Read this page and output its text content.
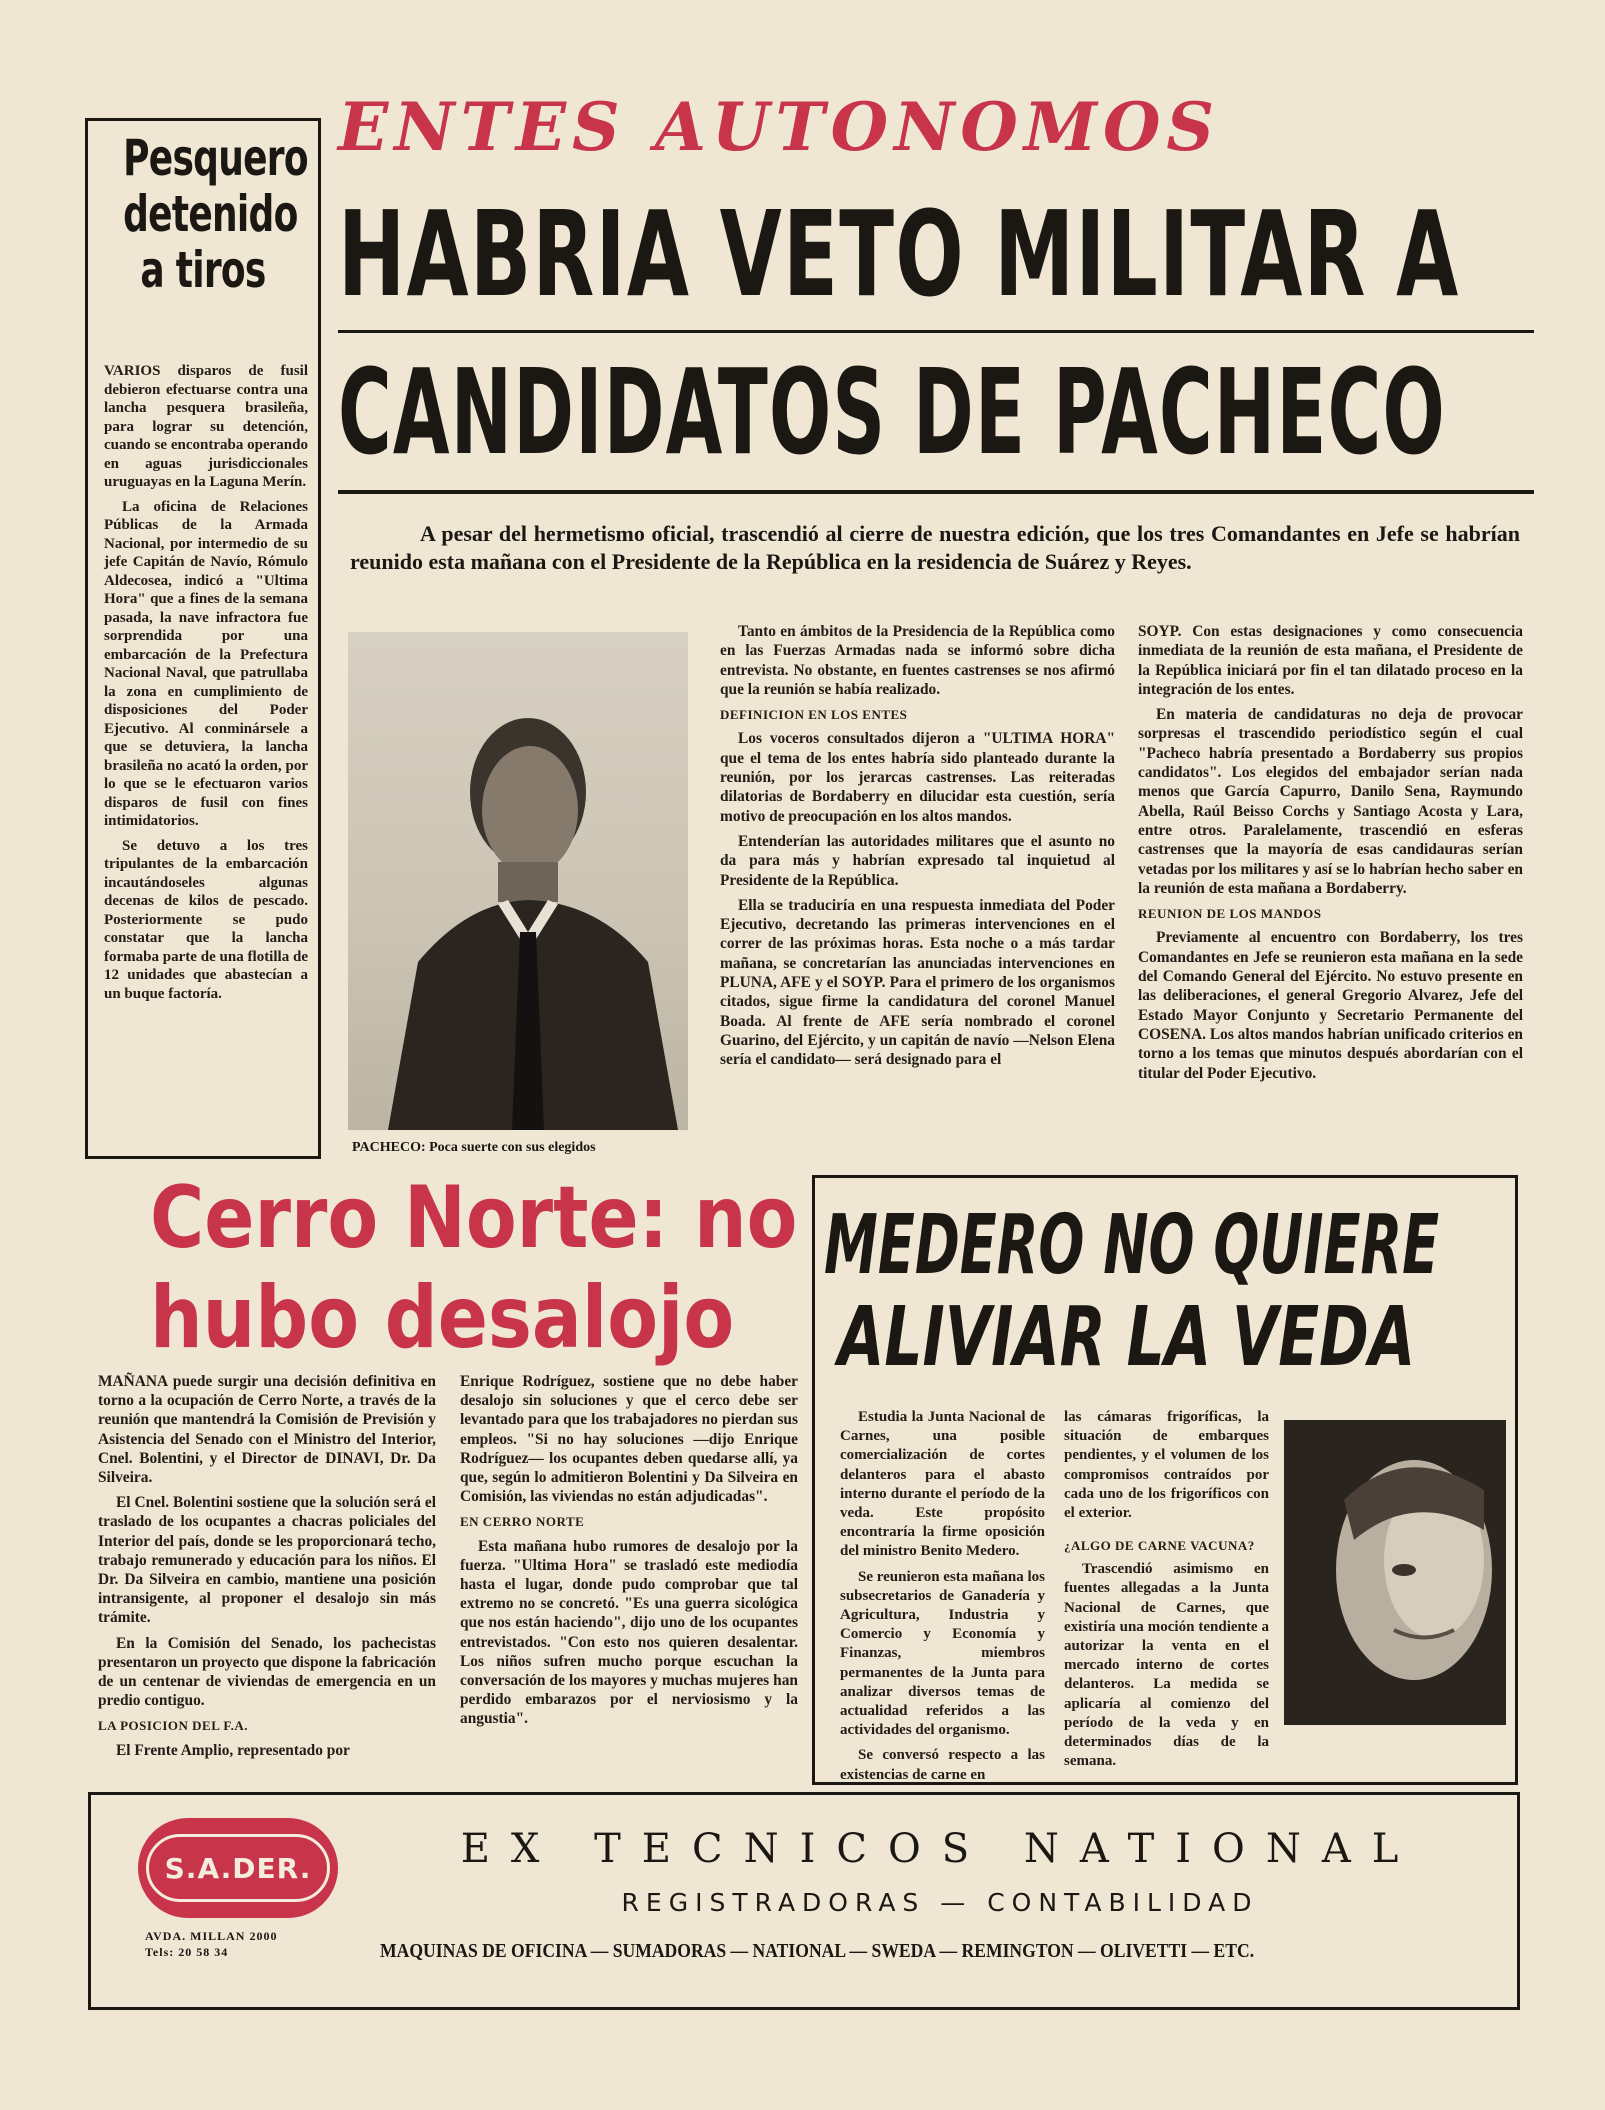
Pesquero
detenido
a tiros

VARIOS disparos de fusil debieron efectuarse contra una lancha pesquera brasileña, para lograr su detención, cuando se encontraba operando en aguas jurisdiccionales uruguayas en la Laguna Merín.

La oficina de Relaciones Públicas de la Armada Nacional, por intermedio de su jefe Capitán de Navío, Rómulo Aldecosea, indicó a "Ultima Hora" que a fines de la semana pasada, la nave infractora fue sorprendida por una embarcación de la Prefectura Nacional Naval, que patrullaba la zona en cumplimiento de disposiciones del Poder Ejecutivo. Al conminársele a que se detuviera, la lancha brasileña no acató la orden, por lo que se le efectuaron varios disparos de fusil con fines intimidatorios.

Se detuvo a los tres tripulantes de la embarcación incautándoseles algunas decenas de kilos de pescado. Posteriormente se pudo constatar que la lancha formaba parte de una flotilla de 12 unidades que abastecían a un buque factoría.

ENTES AUTONOMOS
HABRIA VETO MILITAR A
CANDIDATOS DE PACHECO
A pesar del hermetismo oficial, trascendió al cierre de nuestra edición, que los tres Comandantes en Jefe se habrían reunido esta mañana con el Presidente de la República en la residencia de Suárez y Reyes.
PACHECO: Poca suerte con sus elegidos

Tanto en ámbitos de la Presidencia de la República como en las Fuerzas Armadas nada se informó sobre dicha entrevista. No obstante, en fuentes castrenses se nos afirmó que la reunión se había realizado.

DEFINICION EN LOS ENTES

Los voceros consultados dijeron a "ULTIMA HORA" que el tema de los entes habría sido planteado durante la reunión, por los jerarcas castrenses. Las reiteradas dilatorias de Bordaberry en dilucidar esta cuestión, sería motivo de preocupación en los altos mandos.

Entenderían las autoridades militares que el asunto no da para más y habrían expresado tal inquietud al Presidente de la República.

Ella se traduciría en una respuesta inmediata del Poder Ejecutivo, decretando las primeras intervenciones en el correr de las próximas horas. Esta noche o a más tardar mañana, se concretarían las anunciadas intervenciones en PLUNA, AFE y el SOYP. Para el primero de los organismos citados, sigue firme la candidatura del coronel Manuel Boada. Al frente de AFE sería nombrado el coronel Guarino, del Ejército, y un capitán de navío —Nelson Elena sería el candidato— será designado para el

SOYP. Con estas designaciones y como consecuencia inmediata de la reunión de esta mañana, el Presidente de la República iniciará por fin el tan dilatado proceso en la integración de los entes.

En materia de candidaturas no deja de provocar sorpresas el trascendido periodístico según el cual "Pacheco habría presentado a Bordaberry sus propios candidatos". Los elegidos del embajador serían nada menos que García Capurro, Danilo Sena, Raymundo Abella, Raúl Beisso Corchs y Santiago Acosta y Lara, entre otros. Paralelamente, trascendió en esferas castrenses que la mayoría de esas candidauras serían vetadas por los militares y así se lo habrían hecho saber en la reunión de esta mañana a Bordaberry.

REUNION DE LOS MANDOS

Previamente al encuentro con Bordaberry, los tres Comandantes en Jefe se reunieron esta mañana en la sede del Comando General del Ejército. No estuvo presente en las deliberaciones, el general Gregorio Alvarez, Jefe del Estado Mayor Conjunto y Secretario Permanente del COSENA. Los altos mandos habrían unificado criterios en torno a los temas que minutos después abordarían con el titular del Poder Ejecutivo.

Cerro Norte: no
hubo desalojo

MAÑANA puede surgir una decisión definitiva en torno a la ocupación de Cerro Norte, a través de la reunión que mantendrá la Comisión de Previsión y Asistencia del Senado con el Ministro del Interior, Cnel. Bolentini, y el Director de DINAVI, Dr. Da Silveira.

El Cnel. Bolentini sostiene que la solución será el traslado de los ocupantes a chacras policiales del Interior del país, donde se les proporcionará techo, trabajo remunerado y educación para los niños. El Dr. Da Silveira en cambio, mantiene una posición intransigente, al proponer el desalojo sin más trámite.

En la Comisión del Senado, los pachecistas presentaron un proyecto que dispone la fabricación de un centenar de viviendas de emergencia en un predio contiguo.

LA POSICION DEL F.A.

El Frente Amplio, representado por

Enrique Rodríguez, sostiene que no debe haber desalojo sin soluciones y que el cerco debe ser levantado para que los trabajadores no pierdan sus empleos. "Si no hay soluciones —dijo Enrique Rodríguez— los ocupantes deben quedarse allí, ya que, según lo admitieron Bolentini y Da Silveira en Comisión, las viviendas no están adjudicadas".

EN CERRO NORTE

Esta mañana hubo rumores de desalojo por la fuerza. "Ultima Hora" se trasladó este mediodía hasta el lugar, donde pudo comprobar que tal extremo no se concretó. "Es una guerra sicológica que nos están haciendo", dijo uno de los ocupantes entrevistados. "Con esto nos quieren desalentar. Los niños sufren mucho porque escuchan la conversación de los mayores y muchas mujeres han perdido embarazos por el nerviosismo y la angustia".

MEDERO NO QUIERE
ALIVIAR LA VEDA

Estudia la Junta Nacional de Carnes, una posible comercialización de cortes delanteros para el abasto interno durante el período de la veda. Este propósito encontraría la firme oposición del ministro Benito Medero.

Se reunieron esta mañana los subsecretarios de Ganadería y Agricultura, Industria y Comercio y Economía y Finanzas, miembros permanentes de la Junta para analizar diversos temas de actualidad referidos a las actividades del organismo.

Se conversó respecto a las existencias de carne en

las cámaras frigoríficas, la situación de embarques pendientes, y el volumen de los compromisos contraídos por cada uno de los frigoríficos con el exterior.

¿ALGO DE CARNE VACUNA?

Trascendió asimismo en fuentes allegadas a la Junta Nacional de Carnes, que existiría una moción tendiente a autorizar la venta en el mercado interno de cortes delanteros. La medida se aplicaría al comienzo del período de la veda y en determinados días de la semana.

S.A.DER.
AVDA. MILLAN 2000
Tels: 20 58 34
EX TECNICOS NATIONAL
REGISTRADORAS — CONTABILIDAD
MAQUINAS DE OFICINA — SUMADORAS — NATIONAL — SWEDA — REMINGTON — OLIVETTI — ETC.
